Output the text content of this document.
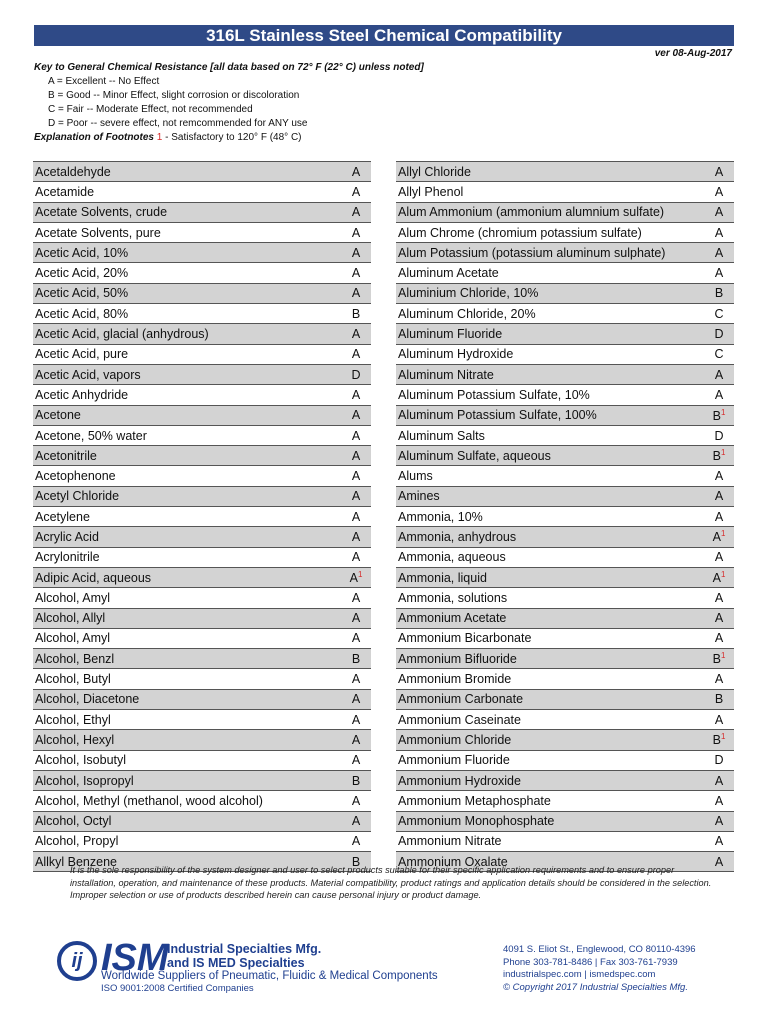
316L Stainless Steel Chemical Compatibility
ver 08-Aug-2017
Key to General Chemical Resistance [all data based on 72° F (22° C) unless noted]
A = Excellent -- No Effect
B = Good -- Minor Effect, slight corrosion or discoloration
C = Fair -- Moderate Effect, not recommended
D = Poor -- severe effect, not remcommended for ANY use
Explanation of Footnotes 1 - Satisfactory to 120° F (48° C)
Acetaldehyde	A
Acetamide	A
Acetate Solvents, crude	A
Acetate Solvents, pure	A
Acetic Acid, 10%	A
Acetic Acid, 20%	A
Acetic Acid, 50%	A
Acetic Acid, 80%	B
Acetic Acid, glacial (anhydrous)	A
Acetic Acid, pure	A
Acetic Acid, vapors	D
Acetic Anhydride	A
Acetone	A
Acetone, 50% water	A
Acetonitrile	A
Acetophenone	A
Acetyl Chloride	A
Acetylene	A
Acrylic Acid	A
Acrylonitrile	A
Adipic Acid, aqueous	$A^1$
Alcohol, Amyl	A
Alcohol, Allyl	A
Alcohol, Amyl	A
Alcohol, Benzl	B
Alcohol, Butyl	A
Alcohol, Diacetone	A
Alcohol, Ethyl	A
Alcohol, Hexyl	A
Alcohol, Isobutyl	A
Alcohol, Isopropyl	B
Alcohol, Methyl (methanol, wood alcohol)	A
Alcohol, Octyl	A
Alcohol, Propyl	A
Allkyl Benzene	B
Allyl Chloride	A
Allyl Phenol	A
Alum Ammonium (ammonium alumnium sulfate)	A
Alum Chrome (chromium potassium sulfate)	A
Alum Potassium (potassium aluminum sulphate)	A
Aluminum Acetate	A
Aluminium Chloride, 10%	B
Aluminum Chloride, 20%	C
Aluminum Fluoride	D
Aluminum Hydroxide	C
Aluminum Nitrate	A
Aluminum Potassium Sulfate, 10%	A
Aluminum Potassium Sulfate, 100%	$B^1$
Aluminum Salts	D
Aluminum Sulfate, aqueous	$B^1$
Alums	A
Amines	A
Ammonia, 10%	A
Ammonia, anhydrous	$A^1$
Ammonia, aqueous	A
Ammonia, liquid	$A^1$
Ammonia, solutions	A
Ammonium Acetate	A
Ammonium Bicarbonate	A
Ammonium Bifluoride	$B^1$
Ammonium Bromide	A
Ammonium Carbonate	B
Ammonium Caseinate	A
Ammonium Chloride	$B^1$
Ammonium Fluoride	D
Ammonium Hydroxide	A
Ammonium Metaphosphate	A
Ammonium Monophosphate	A
Ammonium Nitrate	A
Ammonium Oxalate	A
It is the sole responsibility of the system designer and user to select products suitable for their specific application requirements and to ensure proper installation, operation, and maintenance of these products. Material compatibility, product ratings and application details should be considered in the selection. Improper selection or use of products described herein can cause personal injury or product damage.
ij ISM
Industrial Specialties Mfg.
and IS MED Specialties
Worldwide Suppliers of Pneumatic, Fluidic & Medical Components
ISO 9001:2008 Certified Companies
4091 S. Eliot St., Englewood, CO 80110-4396
Phone 303-781-8486 | Fax 303-761-7939
industrialspec.com | ismedspec.com
© Copyright 2017 Industrial Specialties Mfg.
